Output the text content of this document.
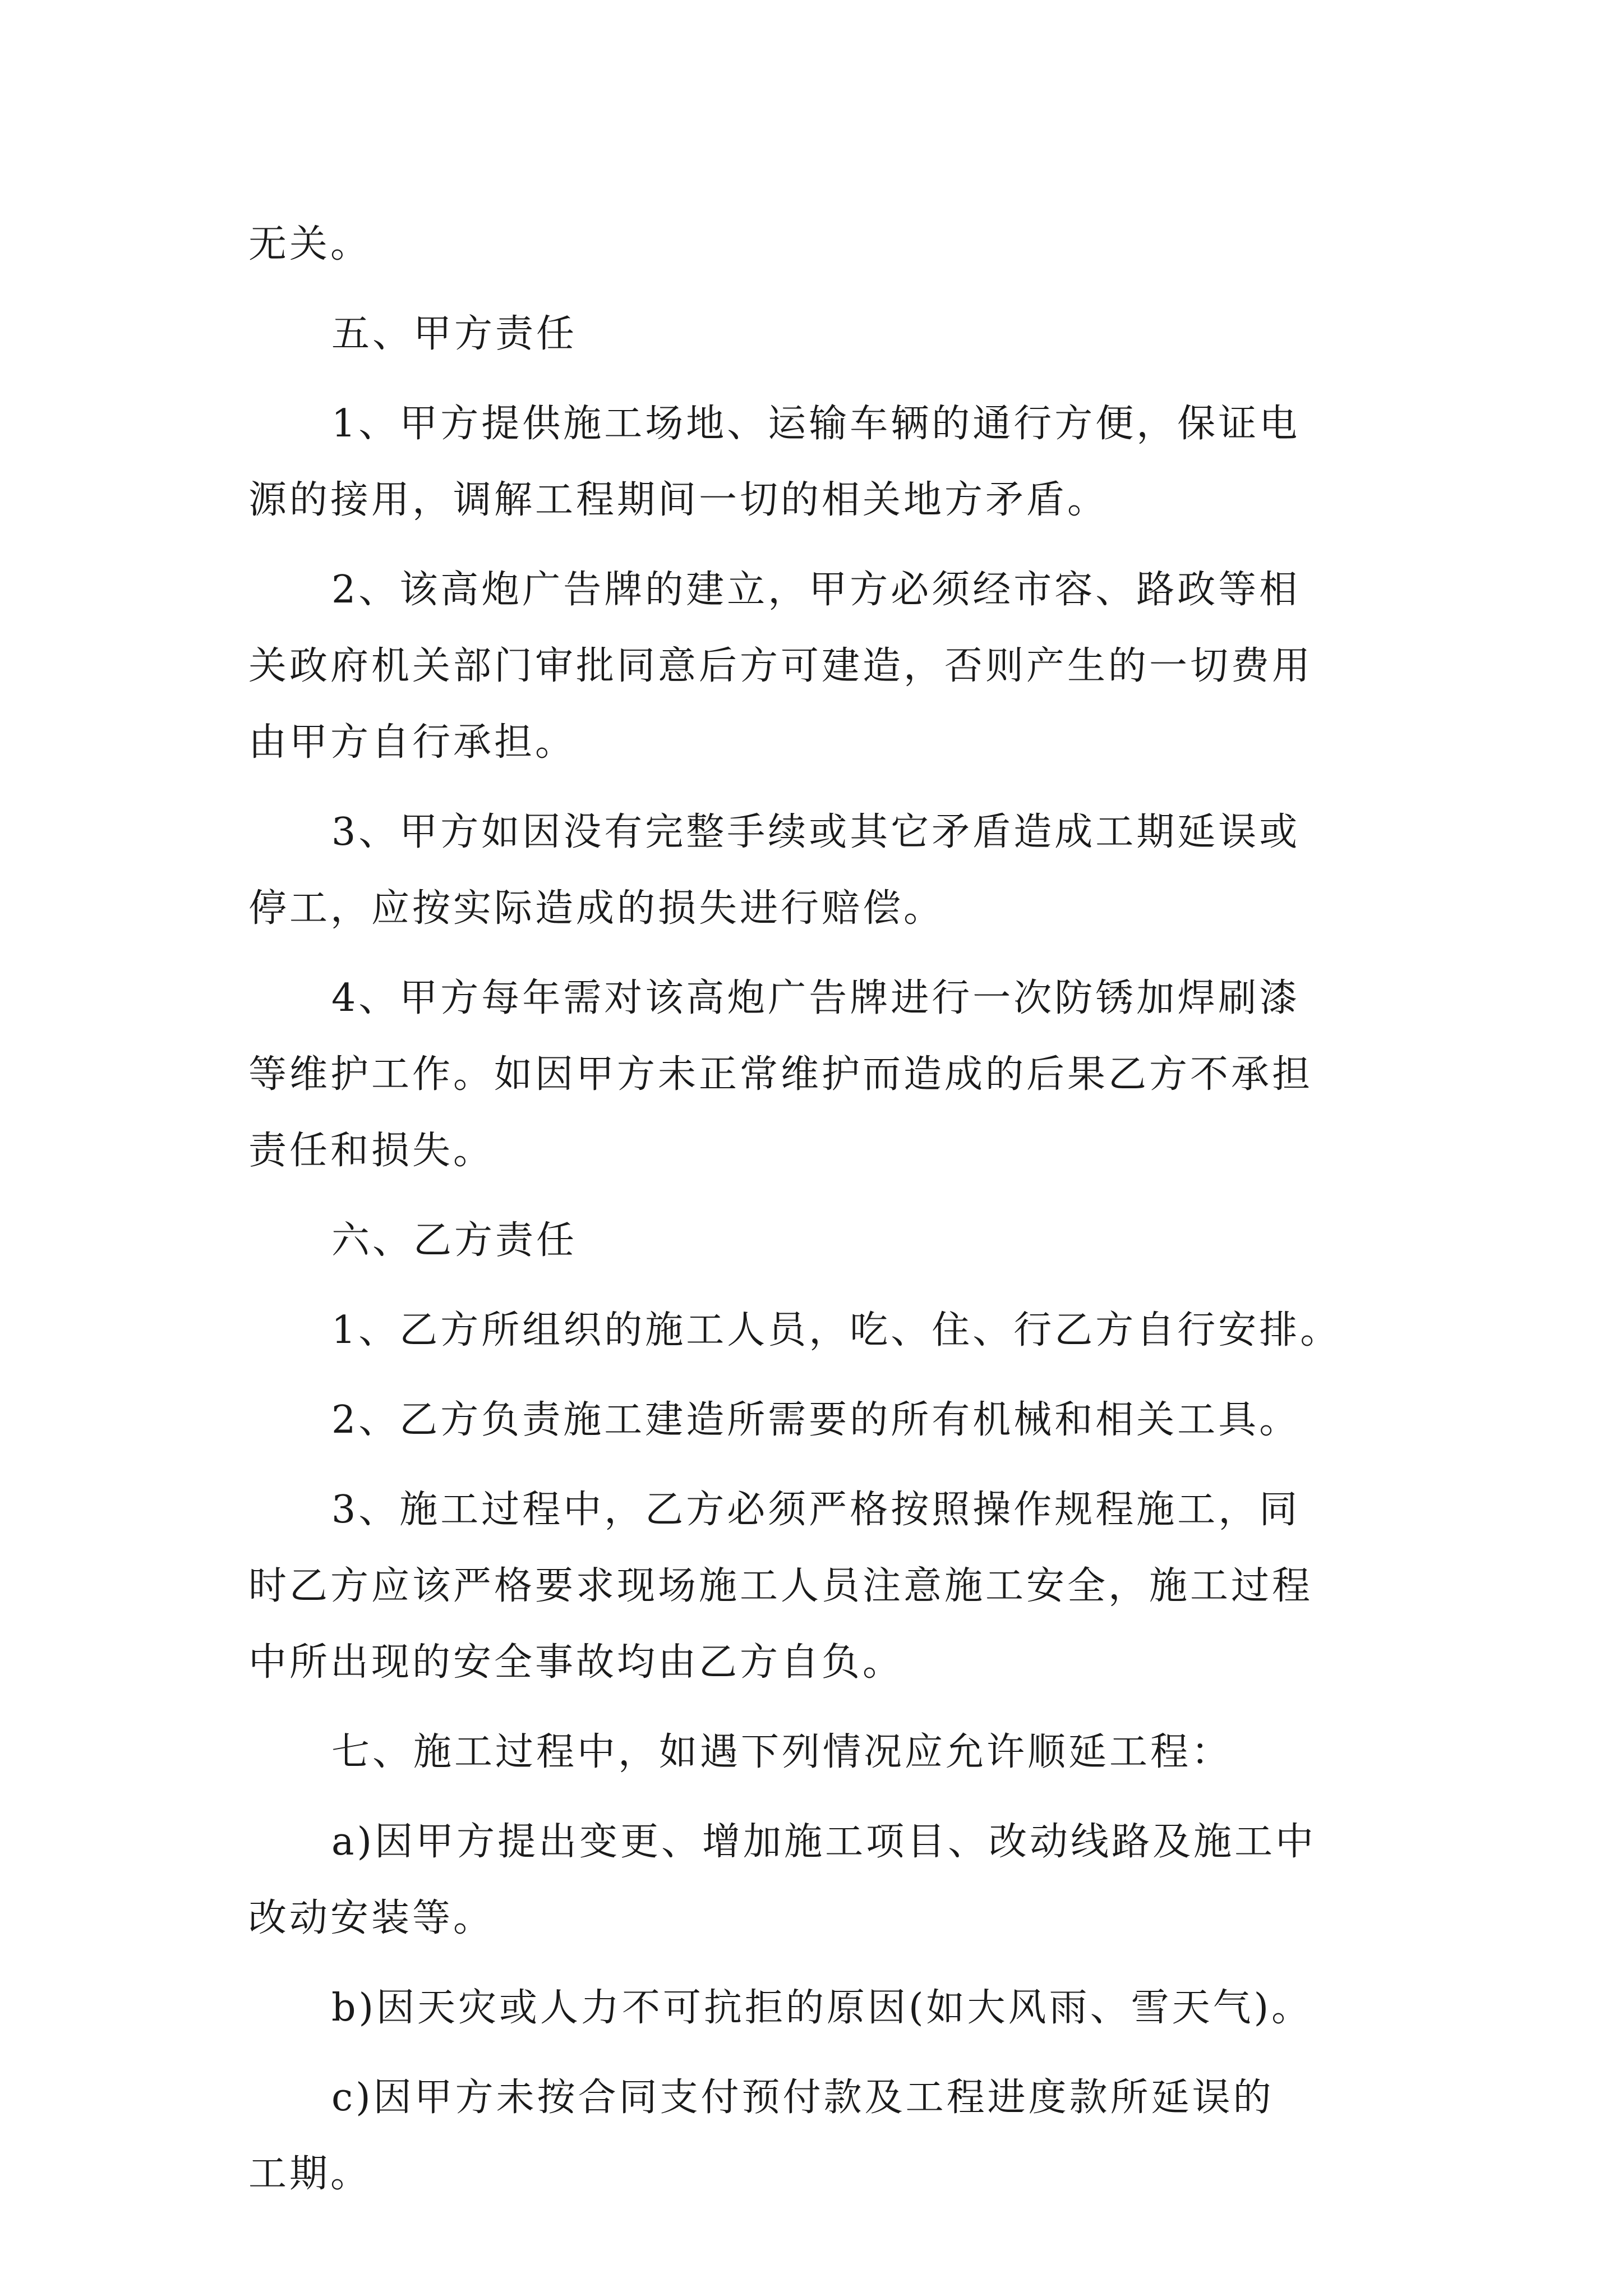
无关。
五、甲方责任
1、甲方提供施工场地、运输车辆的通行方便，保证电
源的接用，调解工程期间一切的相关地方矛盾。
2、该高炮广告牌的建立，甲方必须经市容、路政等相
关政府机关部门审批同意后方可建造，否则产生的一切费用
由甲方自行承担。
3、甲方如因没有完整手续或其它矛盾造成工期延误或
停工，应按实际造成的损失进行赔偿。
4、甲方每年需对该高炮广告牌进行一次防锈加焊刷漆
等维护工作。如因甲方未正常维护而造成的后果乙方不承担
责任和损失。
六、乙方责任
1、乙方所组织的施工人员，吃、住、行乙方自行安排。
2、乙方负责施工建造所需要的所有机械和相关工具。
3、施工过程中，乙方必须严格按照操作规程施工，同
时乙方应该严格要求现场施工人员注意施工安全，施工过程
中所出现的安全事故均由乙方自负。
七、施工过程中，如遇下列情况应允许顺延工程：
a)因甲方提出变更、增加施工项目、改动线路及施工中
改动安装等。
b)因天灾或人力不可抗拒的原因(如大风雨、雪天气)。
c)因甲方未按合同支付预付款及工程进度款所延误的
工期。
